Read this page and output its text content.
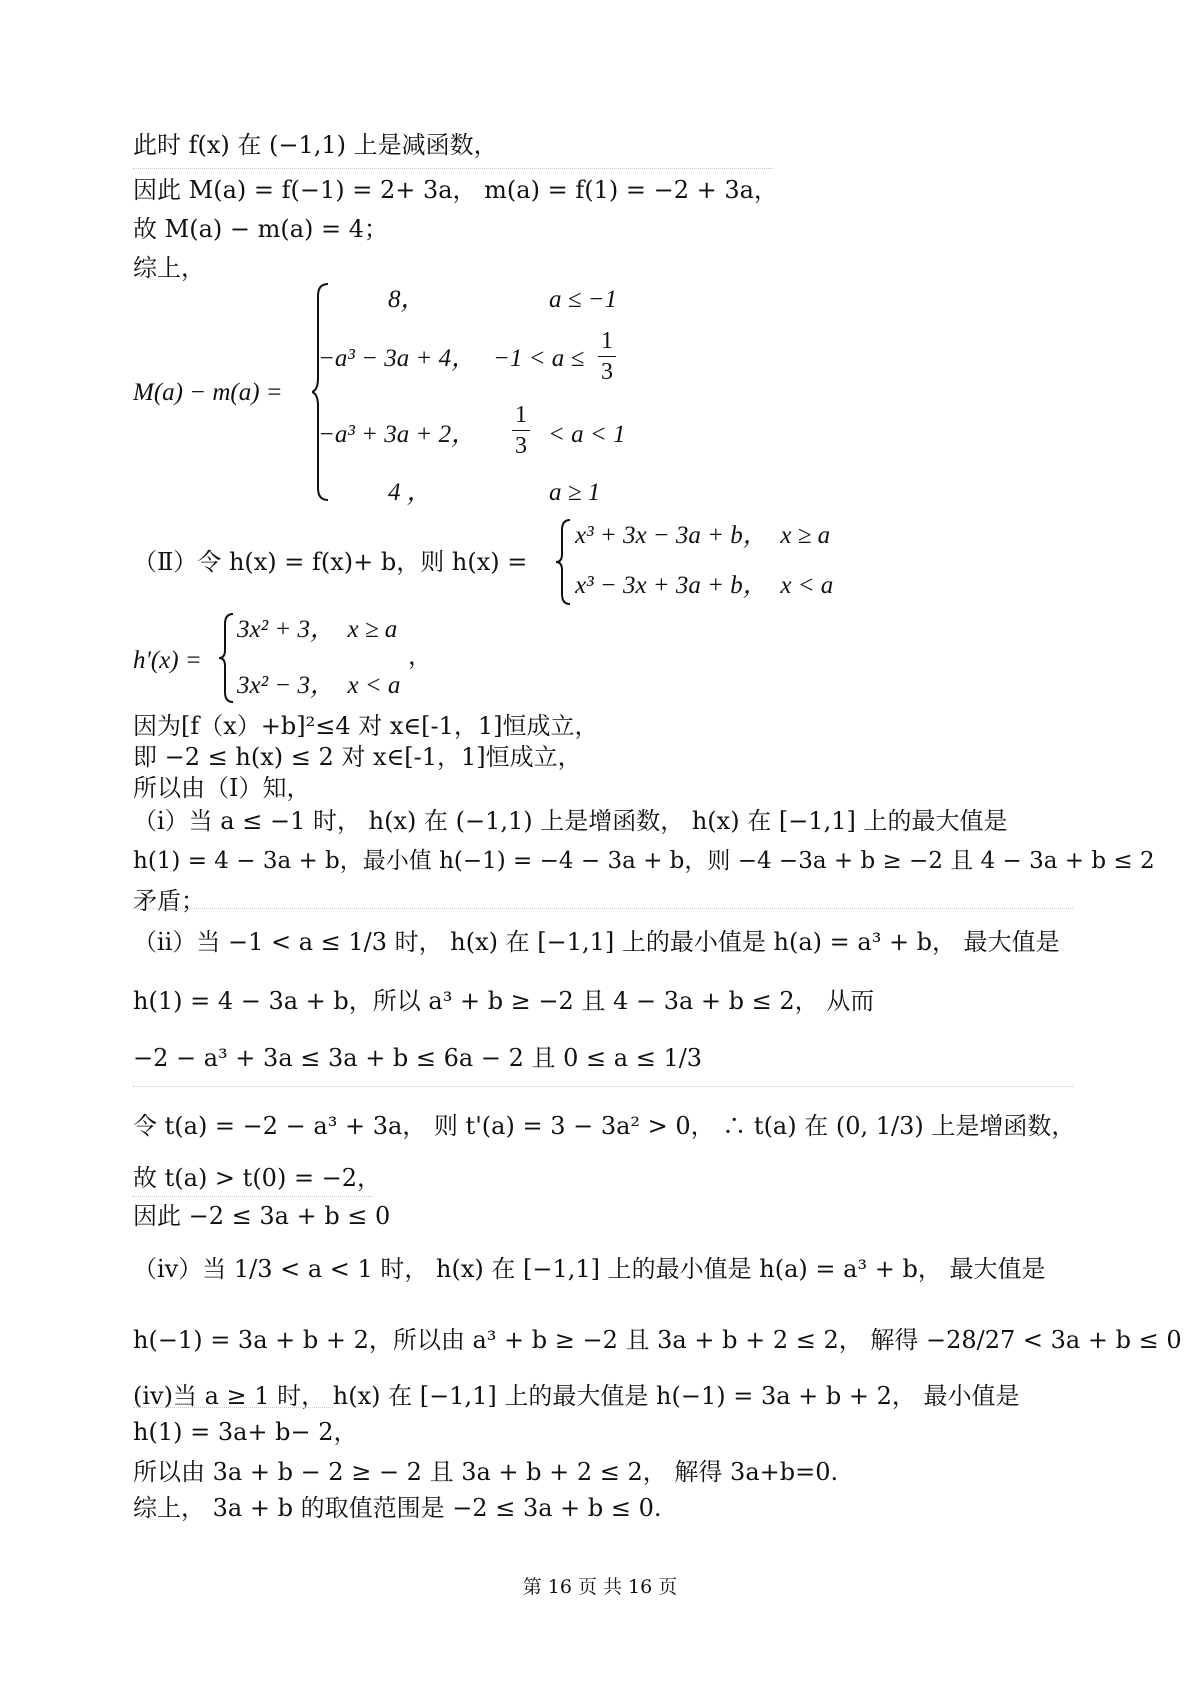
此时 f(x) 在 (−1,1) 上是减函数，
因此 M(a) = f(−1) = 2+ 3a， m(a) = f(1) = −2 + 3a，
故 M(a) − m(a) = 4；
综上，
M(a) − m(a) =
8，	a ≤ −1
−a³ − 3a + 4， $-1 < a \le \frac{1}{3}$
−a³ + 3a + 2， $\frac{1}{3} < a < 1$
4 ，	a ≥ 1
（Ⅱ）令 h(x) = f(x)+ b，则 h(x) =
x³ + 3x − 3a + b， x ≥ a
x³ − 3x + 3a + b， x < a
h'(x) =
3x² + 3， x ≥ a
3x² − 3， x < a
，
因为[f（x）+b]²≤4 对 x∈[-1，1]恒成立，
即 −2 ≤ h(x) ≤ 2 对 x∈[-1，1]恒成立，
所以由（Ⅰ）知，
（ⅰ）当 a ≤ −1 时， h(x) 在 (−1,1) 上是增函数， h(x) 在 [−1,1] 上的最大值是
h(1) = 4 − 3a + b，最小值 h(−1) = −4 − 3a + b，则 −4 −3a + b ≥ −2 且 4 − 3a + b ≤ 2
矛盾；
（ⅱ）当 −1 < a ≤ 1/3 时， h(x) 在 [−1,1] 上的最小值是 h(a) = a³ + b， 最大值是
h(1) = 4 − 3a + b，所以 a³ + b ≥ −2 且 4 − 3a + b ≤ 2， 从而
−2 − a³ + 3a ≤ 3a + b ≤ 6a − 2 且 0 ≤ a ≤ 1/3
令 t(a) = −2 − a³ + 3a， 则 t'(a) = 3 − 3a² > 0， ∴ t(a) 在 (0, 1/3) 上是增函数，
故 t(a) > t(0) = −2，
因此 −2 ≤ 3a + b ≤ 0
（ⅳ）当 1/3 < a < 1 时， h(x) 在 [−1,1] 上的最小值是 h(a) = a³ + b， 最大值是
h(−1) = 3a + b + 2，所以由 a³ + b ≥ −2 且 3a + b + 2 ≤ 2， 解得 −28/27 < 3a + b ≤ 0
(ⅳ)当 a ≥ 1 时， h(x) 在 [−1,1] 上的最大值是 h(−1) = 3a + b + 2， 最小值是
h(1) = 3a+ b− 2，
所以由 3a + b − 2 ≥ − 2 且 3a + b + 2 ≤ 2， 解得 3a+b=0.
综上， 3a + b 的取值范围是 −2 ≤ 3a + b ≤ 0.
第 16 页 共 16 页
